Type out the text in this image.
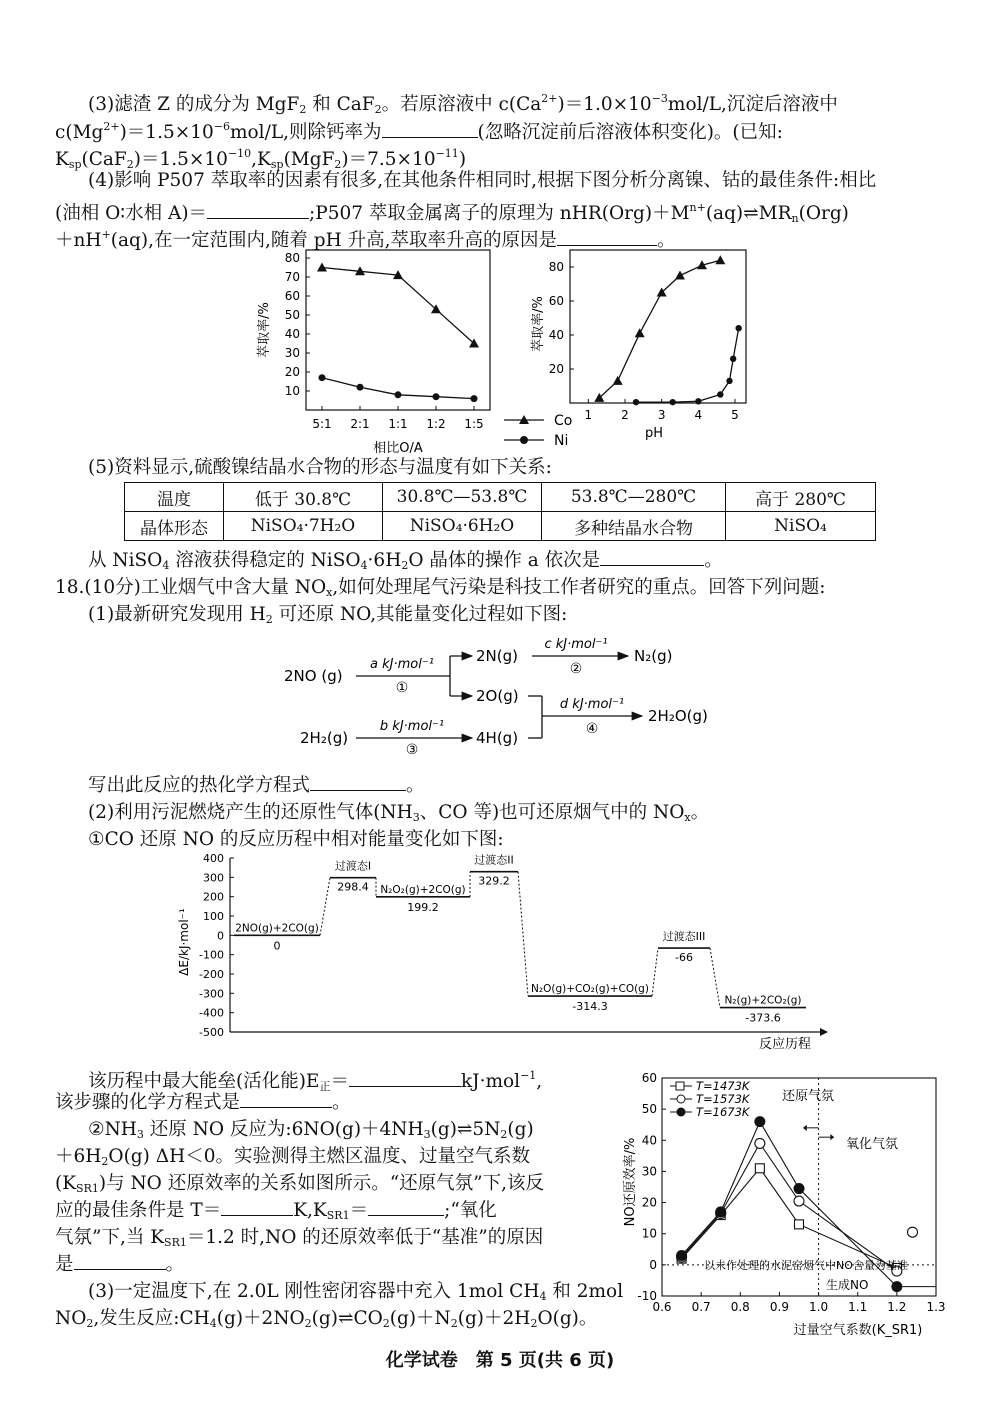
(3)滤渣 Z 的成分为 MgF$_2$ 和 CaF$_2$。若原溶液中 $c(Ca^{2+})=1.0\times 10^{-3}mol/L$,沉淀后溶液中
$c(Mg^{2+})=1.5\times 10^{-6}mol/L$,则除钙率为	(忽略沉淀前后溶液体积变化)。(已知:
$K_{sp}(CaF_2)=1.5\times 10^{-10},K_{sp}(MgF_2)=7.5\times 10^{-11}$)
(4)影响 P507 萃取率的因素有很多,在其他条件相同时,根据下图分析分离镍、钴的最佳条件:相比
(油相 O∶水相 A)＝	;P507 萃取金属离子的原理为 $nHR(Org)+M^{n+}(aq)\rightleftharpoons MR_n(Org)$
＋nH+(aq),在一定范围内,随着 pH 升高,萃取率升高的原因是	。
80
70
60
50
40
30
20
10
5:1 2:1 1:1 1:2 1:5
萃取率/%
相比O/A
Co
Ni
80
60
40
20
1 2 3 4 5
萃取率/%
pH
(5)资料显示,硫酸镍结晶水合物的形态与温度有如下关系:
温度	低于 30.8℃	30.8℃—53.8℃	53.8℃—280℃	高于 280℃
晶体形态	NiSO₄·7H₂O	NiSO₄·6H₂O	多种结晶水合物	NiSO₄
从 NiSO$_4$ 溶液获得稳定的 $NiSO_4\cdot 6H_2O$ 晶体的操作 a 依次是	。
18.(10分)工业烟气中含大量 $NO_x$,如何处理尾气污染是科技工作者研究的重点。回答下列问题:
(1)最新研究发现用 $H_2$ 可还原 NO,其能量变化过程如下图:
2NO (g)
2H₂(g)
a kJ·mol⁻¹
①
2N(g)
2O(g)
b kJ·mol⁻¹
③
4H(g)
c kJ·mol⁻¹
②
N₂(g)
d kJ·mol⁻¹
④
2H₂O(g)
写出此反应的热化学方程式	。
(2)利用污泥燃烧产生的还原性气体($NH_3$、CO 等)也可还原烟气中的 $NO_x$。
①CO 还原 NO 的反应历程中相对能量变化如下图:
400
300
200
100
0
-100
-200
-300
-400
-500
2NO(g)+2CO(g)
0
过渡态I
298.4 N₂O₂(g)+2CO(g)
199.2
过渡态II
329.2
N₂O(g)+CO₂(g)+CO(g)
-314.3
过渡态III
-66
N₂(g)+2CO₂(g)
-373.6
ΔE/kJ·mol⁻¹
反应历程
该历程中最大能垒(活化能)$E_正=$	kJ·mol$^{-1}$,
该步骤的化学方程式是	。
$②NH_3$ 还原 NO 反应为$:6NO(g)+4NH_3(g)\rightleftharpoons 5N_2(g)$
$+6H_2O(g)$ ΔH＜0。实验测得主燃区温度、过量空气系数
$(K_{SR1})$与 NO 还原效率的关系如图所示。“还原气氛”下,该反
应的最佳条件是 T＝	$K,K_{SR1}=$	;“氧化
气氛”下,当 $K_{SR1}=1.2$ 时,NO 的还原效率低于“基准”的原因
是	。
(3)一定温度下,在 2.0L 刚性密闭容器中充入 1mol $CH_4$ 和 2mol
$NO_2$,发生反应$:CH_4(g)+2NO_2(g)\rightleftharpoons CO_2(g)+N_2(g)+2H_2O(g)$。
60
50
40
30
20
10
0
-10
0.6 0.7 0.8 0.9 1.0 1.1 1.2 1.3
T=1473K
T=1573K
T=1673K
NO还原效率/%
过量空气系数(K_SR1)
还原气氛
氧化气氛
以未作处理的水泥窑烟气中NO含量为基准
生成NO
化学试卷　第 5 页(共 6 页)
